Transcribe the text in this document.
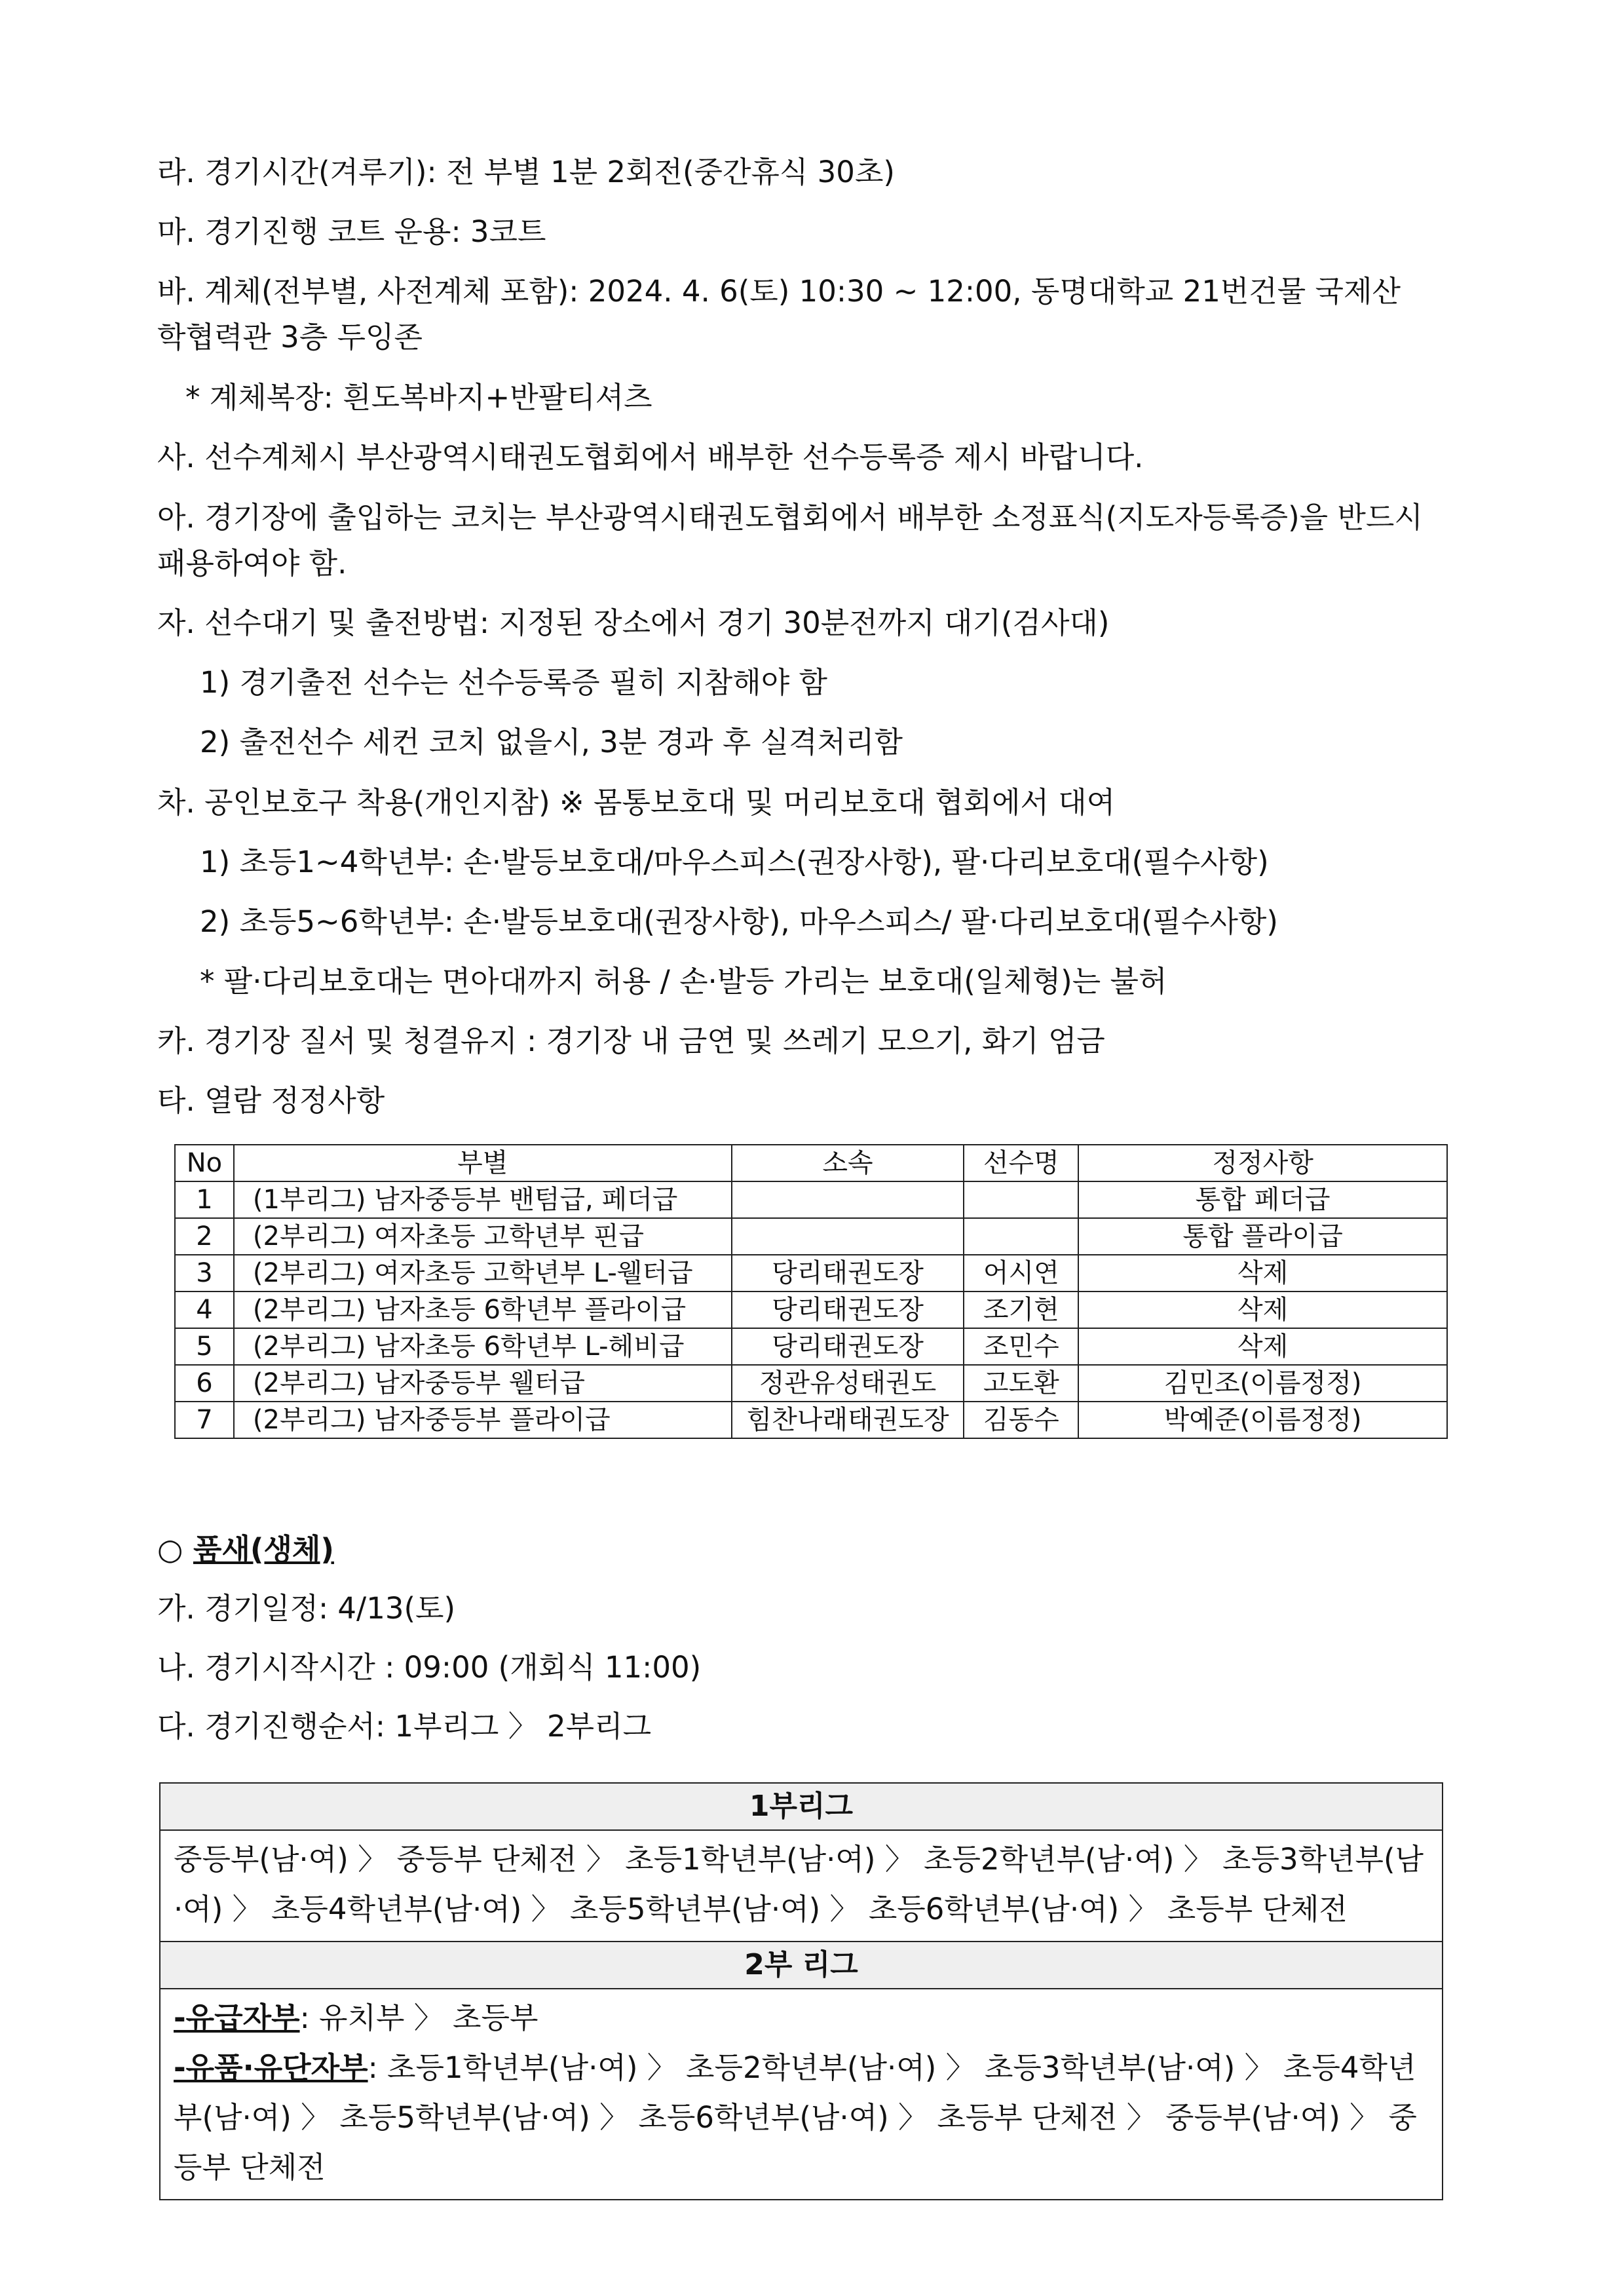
라. 경기시간(겨루기): 전 부별 1분 2회전(중간휴식 30초)
마. 경기진행 코트 운용: 3코트
바. 계체(전부별, 사전계체 포함): 2024. 4. 6(토) 10:30 ~ 12:00, 동명대학교 21번건물 국제산
학협력관 3층 두잉존
* 계체복장: 흰도복바지+반팔티셔츠
사. 선수계체시 부산광역시태권도협회에서 배부한 선수등록증 제시 바랍니다.
아. 경기장에 출입하는 코치는 부산광역시태권도협회에서 배부한 소정표식(지도자등록증)을 반드시
패용하여야 함.
자. 선수대기 및 출전방법: 지정된 장소에서 경기 30분전까지 대기(검사대)
1) 경기출전 선수는 선수등록증 필히 지참해야 함
2) 출전선수 세컨 코치 없을시, 3분 경과 후 실격처리함
차. 공인보호구 착용(개인지참) ※ 몸통보호대 및 머리보호대 협회에서 대여
1) 초등1~4학년부: 손·발등보호대/마우스피스(권장사항), 팔·다리보호대(필수사항)
2) 초등5~6학년부: 손·발등보호대(권장사항), 마우스피스/ 팔·다리보호대(필수사항)
* 팔·다리보호대는 면아대까지 허용 / 손·발등 가리는 보호대(일체형)는 불허
카. 경기장 질서 및 청결유지 : 경기장 내 금연 및 쓰레기 모으기, 화기 엄금
타. 열람 정정사항
No	부별	소속	선수명	정정사항
1	(1부리그) 남자중등부 밴텀급, 페더급			통합 페더급
2	(2부리그) 여자초등 고학년부 핀급			통합 플라이급
3	(2부리그) 여자초등 고학년부 L-웰터급	당리태권도장	어시연	삭제
4	(2부리그) 남자초등 6학년부 플라이급	당리태권도장	조기현	삭제
5	(2부리그) 남자초등 6학년부 L-헤비급	당리태권도장	조민수	삭제
6	(2부리그) 남자중등부 웰터급	정관유성태권도	고도환	김민조(이름정정)
7	(2부리그) 남자중등부 플라이급	힘찬나래태권도장	김동수	박예준(이름정정)
○ 품새(생체)
가. 경기일정: 4/13(토)
나. 경기시작시간 : 09:00 (개회식 11:00)
다. 경기진행순서: 1부리그 〉 2부리그
1부리그
중등부(남·여) 〉 중등부 단체전 〉 초등1학년부(남·여) 〉 초등2학년부(남·여) 〉 초등3학년부(남·여) 〉 초등4학년부(남·여) 〉 초등5학년부(남·여) 〉 초등6학년부(남·여) 〉 초등부 단체전
2부 리그
-유급자부: 유치부 〉 초등부
-유품·유단자부: 초등1학년부(남·여) 〉 초등2학년부(남·여) 〉 초등3학년부(남·여) 〉 초등4학년부(남·여) 〉 초등5학년부(남·여) 〉 초등6학년부(남·여) 〉 초등부 단체전 〉 중등부(남·여) 〉 중등부 단체전
